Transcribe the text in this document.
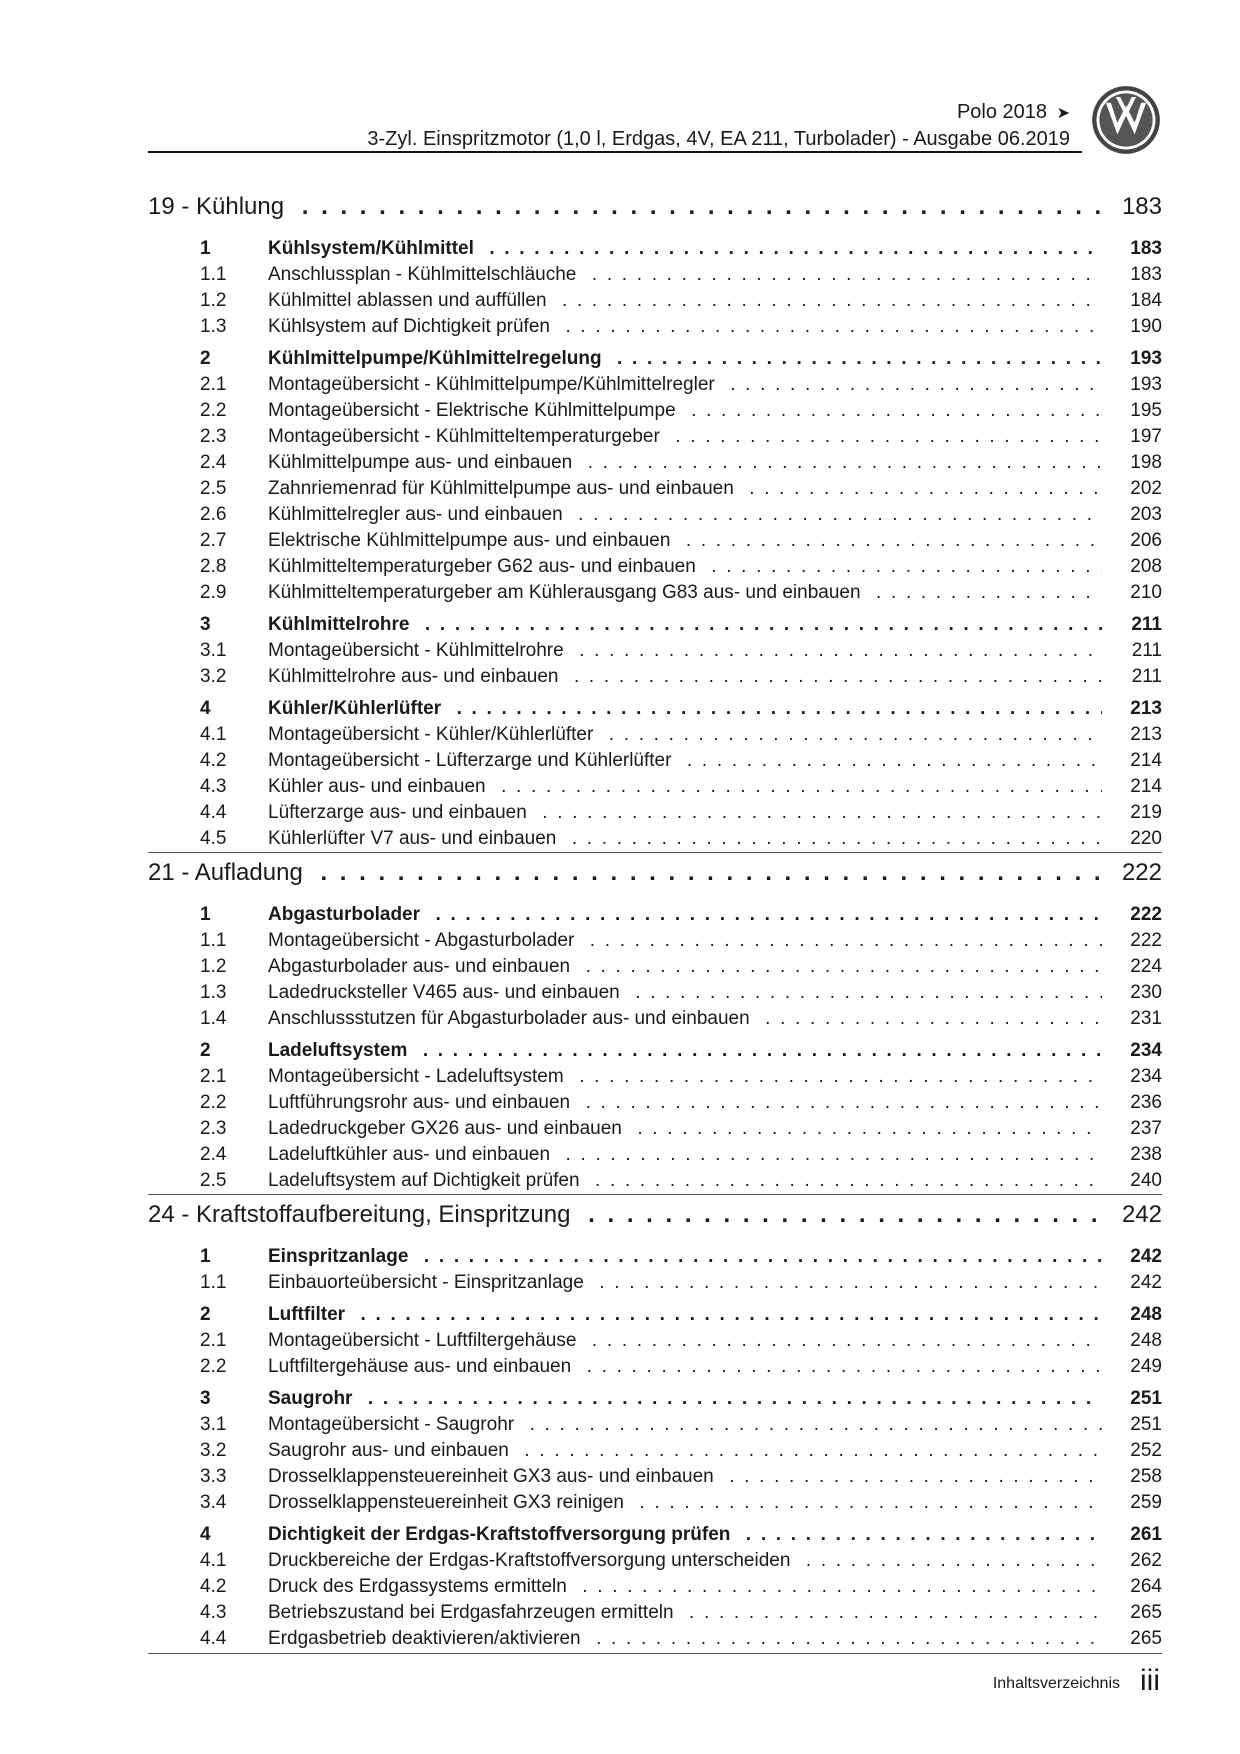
Polo 2018 ➤
3-Zyl. Einspritzmotor (1,0 l, Erdgas, 4V, EA 211, Turbolader) - Ausgabe 06.2019
19 - Kühlung . . .	183
1	Kühlsystem/Kühlmittel . . .	183
1.1 Anschlussplan - Kühlmittelschläuche . . .	183
1.2 Kühlmittel ablassen und auffüllen . . .	184
1.3 Kühlsystem auf Dichtigkeit prüfen . . .	190
2	Kühlmittelpumpe/Kühlmittelregelung . . .	193
2.1 Montageübersicht - Kühlmittelpumpe/Kühlmittelregler . . .	193
2.2 Montageübersicht - Elektrische Kühlmittelpumpe . . .	195
2.3 Montageübersicht - Kühlmitteltemperaturgeber . . .	197
2.4 Kühlmittelpumpe aus- und einbauen . . .	198
2.5 Zahnriemenrad für Kühlmittelpumpe aus- und einbauen . . .	202
2.6 Kühlmittelregler aus- und einbauen . . .	203
2.7 Elektrische Kühlmittelpumpe aus- und einbauen . . .	206
2.8 Kühlmitteltemperaturgeber G62 aus- und einbauen . . .	208
2.9 Kühlmitteltemperaturgeber am Kühlerausgang G83 aus- und einbauen . . .	210
3	Kühlmittelrohre . . .	211
3.1 Montageübersicht - Kühlmittelrohre . . .	211
3.2 Kühlmittelrohre aus- und einbauen . . .	211
4	Kühler/Kühlerlüfter . . .	213
4.1 Montageübersicht - Kühler/Kühlerlüfter . . .	213
4.2 Montageübersicht - Lüfterzarge und Kühlerlüfter . . .	214
4.3 Kühler aus- und einbauen . . .	214
4.4 Lüfterzarge aus- und einbauen . . .	219
4.5 Kühlerlüfter V7 aus- und einbauen . . .	220
21 - Aufladung . . .	222
1	Abgasturbolader . . .	222
1.1 Montageübersicht - Abgasturbolader . . .	222
1.2 Abgasturbolader aus- und einbauen . . .	224
1.3 Ladedrucksteller V465 aus- und einbauen . . .	230
1.4 Anschlussstutzen für Abgasturbolader aus- und einbauen . . .	231
2	Ladeluftsystem . . .	234
2.1 Montageübersicht - Ladeluftsystem . . .	234
2.2 Luftführungsrohr aus- und einbauen . . .	236
2.3 Ladedruckgeber GX26 aus- und einbauen . . .	237
2.4 Ladeluftkühler aus- und einbauen . . .	238
2.5 Ladeluftsystem auf Dichtigkeit prüfen . . .	240
24 - Kraftstoffaufbereitung, Einspritzung . . .	242
1	Einspritzanlage . . .	242
1.1 Einbauorteübersicht - Einspritzanlage . . .	242
2	Luftfilter . . .	248
2.1 Montageübersicht - Luftfiltergehäuse . . .	248
2.2 Luftfiltergehäuse aus- und einbauen . . .	249
3	Saugrohr . . .	251
3.1 Montageübersicht - Saugrohr . . .	251
3.2 Saugrohr aus- und einbauen . . .	252
3.3 Drosselklappensteuereinheit GX3 aus- und einbauen . . .	258
3.4 Drosselklappensteuereinheit GX3 reinigen . . .	259
4	Dichtigkeit der Erdgas-Kraftstoffversorgung prüfen . . .	261
4.1 Druckbereiche der Erdgas-Kraftstoffversorgung unterscheiden . . .	262
4.2 Druck des Erdgassystems ermitteln . . .	264
4.3 Betriebszustand bei Erdgasfahrzeugen ermitteln . . .	265
4.4 Erdgasbetrieb deaktivieren/aktivieren . . .	265
Inhaltsverzeichnis iii
